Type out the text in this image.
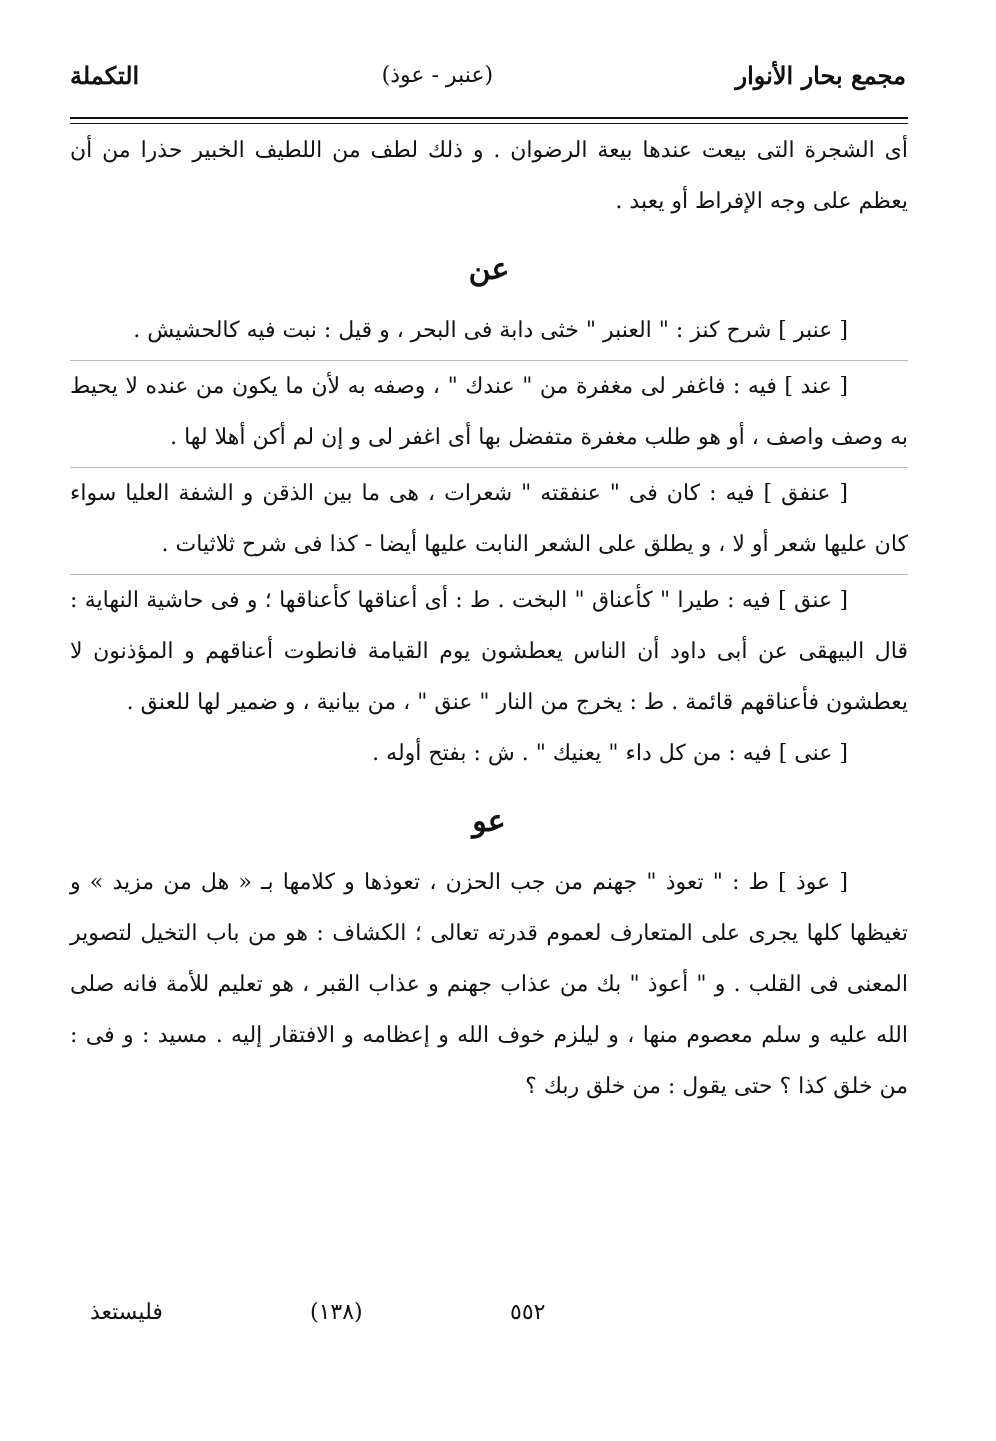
مجمع بحار الأنوار
(عنبر - عوذ)
التكملة

أى الشجرة التى بيعت عندها بيعة الرضوان . و ذلك لطف من اللطيف الخبير حذرا من أن يعظم على وجه الإفراط أو يعبد .

عن

[ عنبر ] شرح كنز : " العنبر " خثى دابة فى البحر ، و قيل : نبت فيه كالحشيش .

[ عند ] فيه : فاغفر لى مغفرة من " عندك " ، وصفه به لأن ما يكون من عنده لا يحيط به وصف واصف ، أو هو طلب مغفرة متفضل بها أى اغفر لى و إن لم أكن أهلا لها .

[ عنفق ] فيه : كان فى " عنفقته " شعرات ، هى ما بين الذقن و الشفة العليا سواء كان عليها شعر أو لا ، و يطلق على الشعر النابت عليها أيضا - كذا فى شرح ثلاثيات .

[ عنق ] فيه : طيرا " كأعناق " البخت . ط : أى أعناقها كأعناقها ؛ و فى حاشية النهاية : قال البيهقى عن أبى داود أن الناس يعطشون يوم القيامة فانطوت أعناقهم و المؤذنون لا يعطشون فأعناقهم قائمة . ط : يخرج من النار " عنق " ، من بيانية ، و ضمير لها للعنق .

[ عنى ] فيه : من كل داء " يعنيك " . ش : بفتح أوله .

عو

[ عوذ ] ط : " تعوذ " جهنم من جب الحزن ، تعوذها و كلامها بـ « هل من مزيد » و تغيظها كلها يجرى على المتعارف لعموم قدرته تعالى ؛ الكشاف : هو من باب التخيل لتصوير المعنى فى القلب . و " أعوذ " بك من عذاب جهنم و عذاب القبر ، هو تعليم للأمة فانه صلى الله عليه و سلم معصوم منها ، و ليلزم خوف الله و إعظامه و الافتقار إليه . مسيد : و فى : من خلق كذا ؟ حتى يقول : من خلق ربك ؟

فليستعذ	(١٣٨)	٥٥٢
